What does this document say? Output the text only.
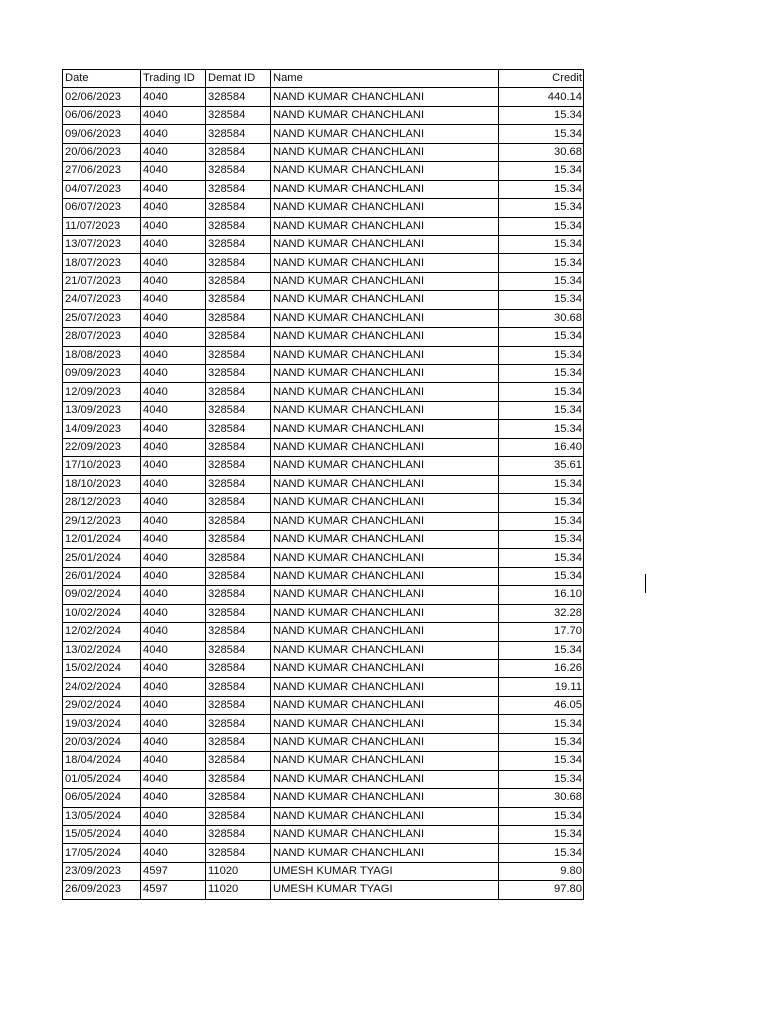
Date	Trading ID	Demat ID	Name	Credit
02/06/2023	4040	328584	NAND KUMAR CHANCHLANI	440.14
06/06/2023	4040	328584	NAND KUMAR CHANCHLANI	15.34
09/06/2023	4040	328584	NAND KUMAR CHANCHLANI	15.34
20/06/2023	4040	328584	NAND KUMAR CHANCHLANI	30.68
27/06/2023	4040	328584	NAND KUMAR CHANCHLANI	15.34
04/07/2023	4040	328584	NAND KUMAR CHANCHLANI	15.34
06/07/2023	4040	328584	NAND KUMAR CHANCHLANI	15.34
11/07/2023	4040	328584	NAND KUMAR CHANCHLANI	15.34
13/07/2023	4040	328584	NAND KUMAR CHANCHLANI	15.34
18/07/2023	4040	328584	NAND KUMAR CHANCHLANI	15.34
21/07/2023	4040	328584	NAND KUMAR CHANCHLANI	15.34
24/07/2023	4040	328584	NAND KUMAR CHANCHLANI	15.34
25/07/2023	4040	328584	NAND KUMAR CHANCHLANI	30.68
28/07/2023	4040	328584	NAND KUMAR CHANCHLANI	15.34
18/08/2023	4040	328584	NAND KUMAR CHANCHLANI	15.34
09/09/2023	4040	328584	NAND KUMAR CHANCHLANI	15.34
12/09/2023	4040	328584	NAND KUMAR CHANCHLANI	15.34
13/09/2023	4040	328584	NAND KUMAR CHANCHLANI	15.34
14/09/2023	4040	328584	NAND KUMAR CHANCHLANI	15.34
22/09/2023	4040	328584	NAND KUMAR CHANCHLANI	16.40
17/10/2023	4040	328584	NAND KUMAR CHANCHLANI	35.61
18/10/2023	4040	328584	NAND KUMAR CHANCHLANI	15.34
28/12/2023	4040	328584	NAND KUMAR CHANCHLANI	15.34
29/12/2023	4040	328584	NAND KUMAR CHANCHLANI	15.34
12/01/2024	4040	328584	NAND KUMAR CHANCHLANI	15.34
25/01/2024	4040	328584	NAND KUMAR CHANCHLANI	15.34
26/01/2024	4040	328584	NAND KUMAR CHANCHLANI	15.34
09/02/2024	4040	328584	NAND KUMAR CHANCHLANI	16.10
10/02/2024	4040	328584	NAND KUMAR CHANCHLANI	32.28
12/02/2024	4040	328584	NAND KUMAR CHANCHLANI	17.70
13/02/2024	4040	328584	NAND KUMAR CHANCHLANI	15.34
15/02/2024	4040	328584	NAND KUMAR CHANCHLANI	16.26
24/02/2024	4040	328584	NAND KUMAR CHANCHLANI	19.11
29/02/2024	4040	328584	NAND KUMAR CHANCHLANI	46.05
19/03/2024	4040	328584	NAND KUMAR CHANCHLANI	15.34
20/03/2024	4040	328584	NAND KUMAR CHANCHLANI	15.34
18/04/2024	4040	328584	NAND KUMAR CHANCHLANI	15.34
01/05/2024	4040	328584	NAND KUMAR CHANCHLANI	15.34
06/05/2024	4040	328584	NAND KUMAR CHANCHLANI	30.68
13/05/2024	4040	328584	NAND KUMAR CHANCHLANI	15.34
15/05/2024	4040	328584	NAND KUMAR CHANCHLANI	15.34
17/05/2024	4040	328584	NAND KUMAR CHANCHLANI	15.34
23/09/2023	4597	11020	UMESH KUMAR TYAGI	9.80
26/09/2023	4597	11020	UMESH KUMAR TYAGI	97.80
